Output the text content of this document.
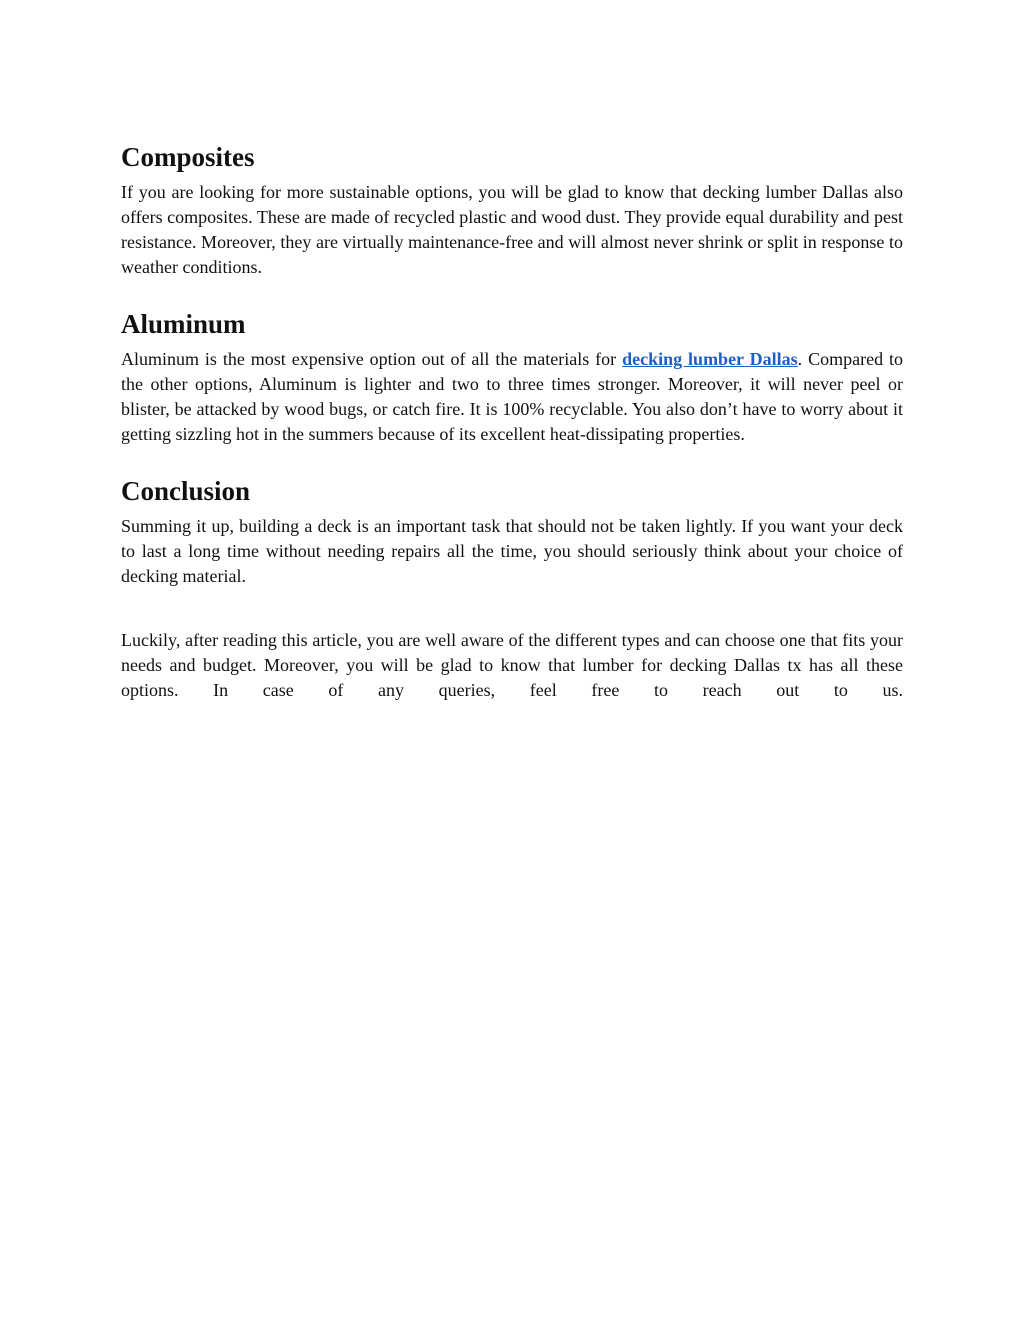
Composites

If you are looking for more sustainable options, you will be glad to know that decking lumber Dallas also offers composites. These are made of recycled plastic and wood dust. They provide equal durability and pest resistance. Moreover, they are virtually maintenance-free and will almost never shrink or split in response to weather conditions.

Aluminum

Aluminum is the most expensive option out of all the materials for decking lumber Dallas. Compared to the other options, Aluminum is lighter and two to three times stronger. Moreover, it will never peel or blister, be attacked by wood bugs, or catch fire. It is 100% recyclable. You also don’t have to worry about it getting sizzling hot in the summers because of its excellent heat-dissipating properties.

Conclusion

Summing it up, building a deck is an important task that should not be taken lightly. If you want your deck to last a long time without needing repairs all the time, you should seriously think about your choice of decking material.

Luckily, after reading this article, you are well aware of the different types and can choose one that fits your needs and budget. Moreover, you will be glad to know that lumber for decking Dallas tx has all these options. In case of any queries, feel free to reach out to us.
